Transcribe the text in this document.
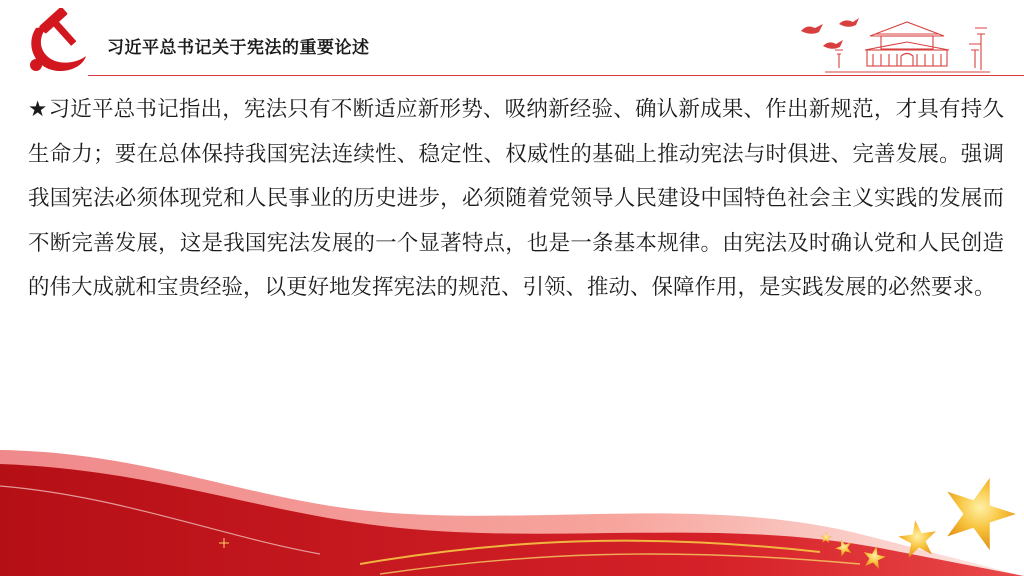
习近平总书记关于宪法的重要论述
★习近平总书记指出，宪法只有不断适应新形势、吸纳新经验、确认新成果、作出新规范，才具有持久生命力；要在总体保持我国宪法连续性、稳定性、权威性的基础上推动宪法与时俱进、完善发展。强调我国宪法必须体现党和人民事业的历史进步，必须随着党领导人民建设中国特色社会主义实践的发展而不断完善发展，这是我国宪法发展的一个显著特点，也是一条基本规律。由宪法及时确认党和人民创造的伟大成就和宝贵经验，以更好地发挥宪法的规范、引领、推动、保障作用，是实践发展的必然要求。
